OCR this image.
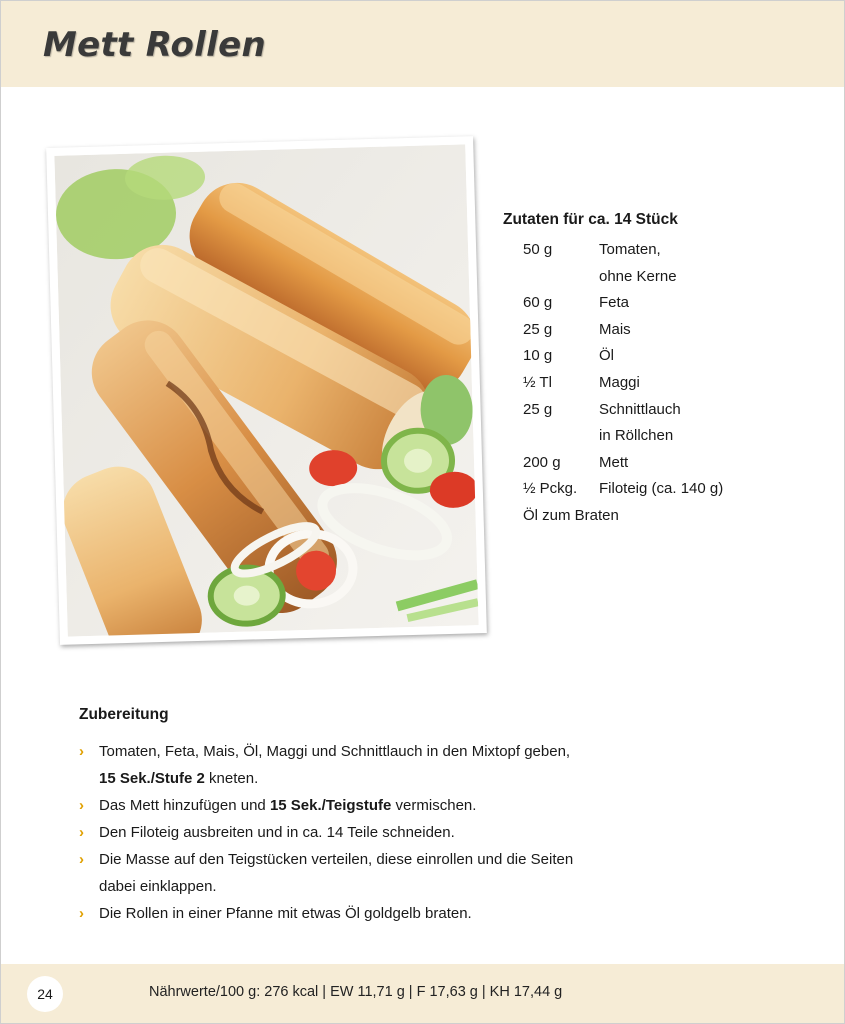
Mett Rollen
Zutaten für ca. 14 Stück
50 g	Tomaten,
ohne Kerne
60 g	Feta
25 g	Mais
10 g	Öl
½ Tl	Maggi
25 g	Schnittlauch
in Röllchen
200 g	Mett
½ Pckg.	Filoteig (ca. 140 g)
Öl zum Braten
Zubereitung
› Tomaten, Feta, Mais, Öl, Maggi und Schnittlauch in den Mixtopf geben,
15 Sek./Stufe 2 kneten.
› Das Mett hinzufügen und 15 Sek./Teigstufe vermischen.
› Den Filoteig ausbreiten und in ca. 14 Teile schneiden.
› Die Masse auf den Teigstücken verteilen, diese einrollen und die Seiten
dabei einklappen.
› Die Rollen in einer Pfanne mit etwas Öl goldgelb braten.
24	Nährwerte/100 g: 276 kcal | EW 11,71 g | F 17,63 g | KH 17,44 g
